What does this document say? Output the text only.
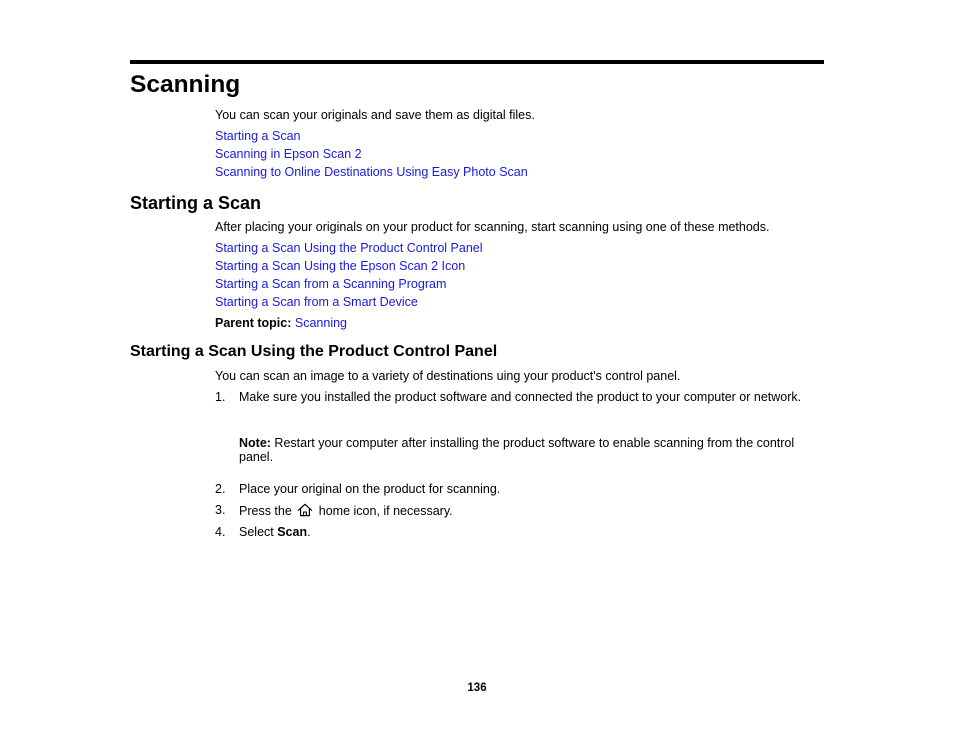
Scanning

You can scan your originals and save them as digital files.

Starting a Scan
Scanning in Epson Scan 2
Scanning to Online Destinations Using Easy Photo Scan
Starting a Scan

After placing your originals on your product for scanning, start scanning using one of these methods.

Starting a Scan Using the Product Control Panel
Starting a Scan Using the Epson Scan 2 Icon
Starting a Scan from a Scanning Program
Starting a Scan from a Smart Device

Parent topic: Scanning

Starting a Scan Using the Product Control Panel

You can scan an image to a variety of destinations uing your product's control panel.

1. Make sure you installed the product software and connected the product to your computer or network.
Note: Restart your computer after installing the product software to enable scanning from the control panel.
2. Place your original on the product for scanning.
3. Press the  home icon, if necessary.
4. Select Scan.
136
